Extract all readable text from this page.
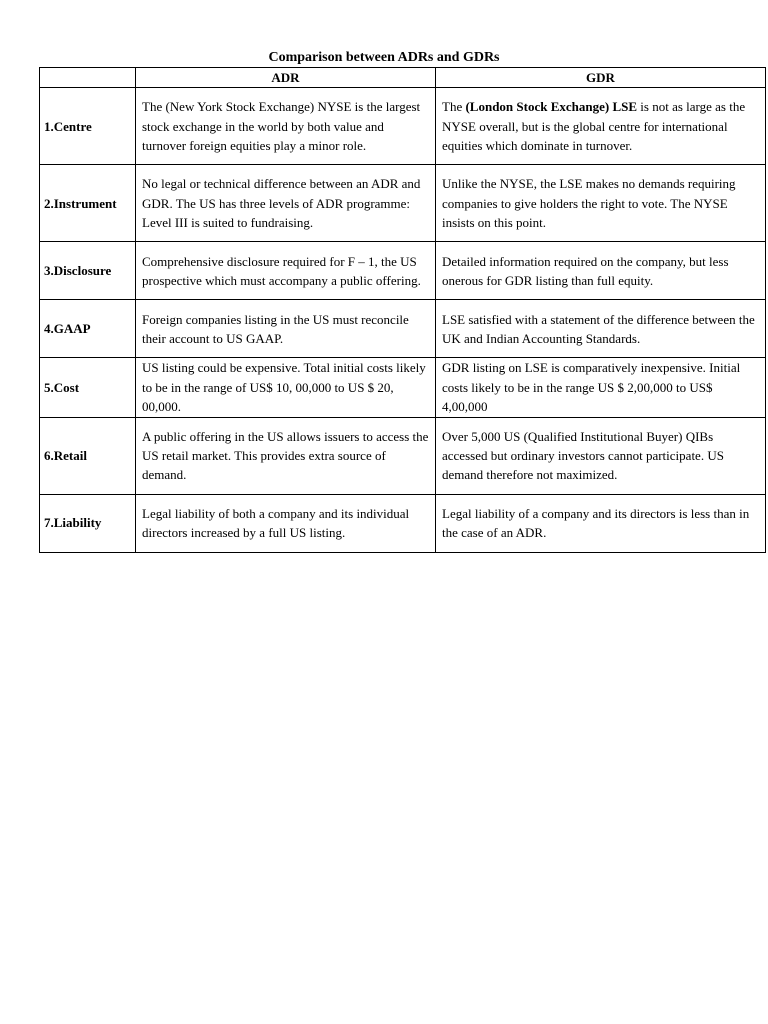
Comparison between ADRs and GDRs
	ADR	GDR
1.Centre	The (New York Stock Exchange) NYSE is the largest stock exchange in the world by both value and turnover foreign equities play a minor role.	The (London Stock Exchange) LSE is not as large as the NYSE overall, but is the global centre for international equities which dominate in turnover.
2.Instrument	No legal or technical difference between an ADR and GDR. The US has three levels of ADR programme: Level III is suited to fundraising.	Unlike the NYSE, the LSE makes no demands requiring companies to give holders the right to vote. The NYSE insists on this point.
3.Disclosure	Comprehensive disclosure required for F – 1, the US prospective which must accompany a public offering.	Detailed information required on the company, but less onerous for GDR listing than full equity.
4.GAAP	Foreign companies listing in the US must reconcile their account to US GAAP.	LSE satisfied with a statement of the difference between the UK and Indian Accounting Standards.
5.Cost	US listing could be expensive. Total initial costs likely to be in the range of US$ 10, 00,000 to US $ 20, 00,000.	GDR listing on LSE is comparatively inexpensive. Initial costs likely to be in the range US $ 2,00,000 to US$ 4,00,000
6.Retail	A public offering in the US allows issuers to access the US retail market. This provides extra source of demand.	Over 5,000 US (Qualified Institutional Buyer) QIBs accessed but ordinary investors cannot participate. US demand therefore not maximized.
7.Liability	Legal liability of both a company and its individual directors increased by a full US listing.	Legal liability of a company and its directors is less than in the case of an ADR.
